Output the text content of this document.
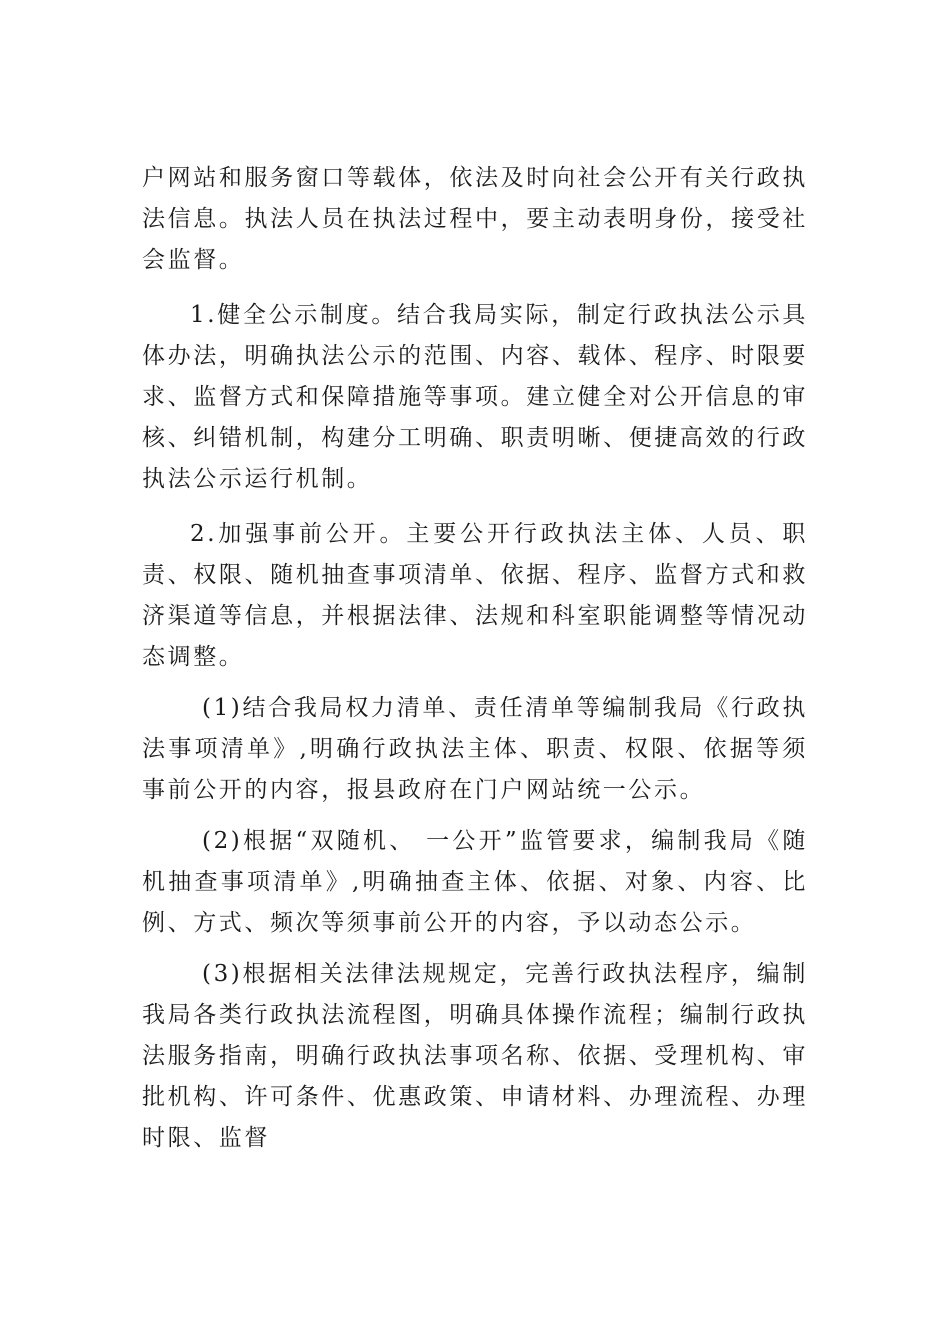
户网站和服务窗口等载体，依法及时向社会公开有关行政执法信息。执法人员在执法过程中，要主动表明身份，接受社会监督。

1.健全公示制度。结合我局实际，制定行政执法公示具体办法，明确执法公示的范围、内容、载体、程序、时限要求、监督方式和保障措施等事项。建立健全对公开信息的审核、纠错机制，构建分工明确、职责明晰、便捷高效的行政执法公示运行机制。

2.加强事前公开。主要公开行政执法主体、人员、职责、权限、随机抽查事项清单、依据、程序、监督方式和救济渠道等信息，并根据法律、法规和科室职能调整等情况动态调整。

(1)结合我局权力清单、责任清单等编制我局《行政执法事项清单》,明确行政执法主体、职责、权限、依据等须事前公开的内容，报县政府在门户网站统一公示。

(2)根据“双随机、 一公开”监管要求，编制我局《随机抽查事项清单》,明确抽查主体、依据、对象、内容、比例、方式、频次等须事前公开的内容，予以动态公示。

(3)根据相关法律法规规定，完善行政执法程序，编制我局各类行政执法流程图，明确具体操作流程；编制行政执法服务指南，明确行政执法事项名称、依据、受理机构、审批机构、许可条件、优惠政策、申请材料、办理流程、办理时限、监督
